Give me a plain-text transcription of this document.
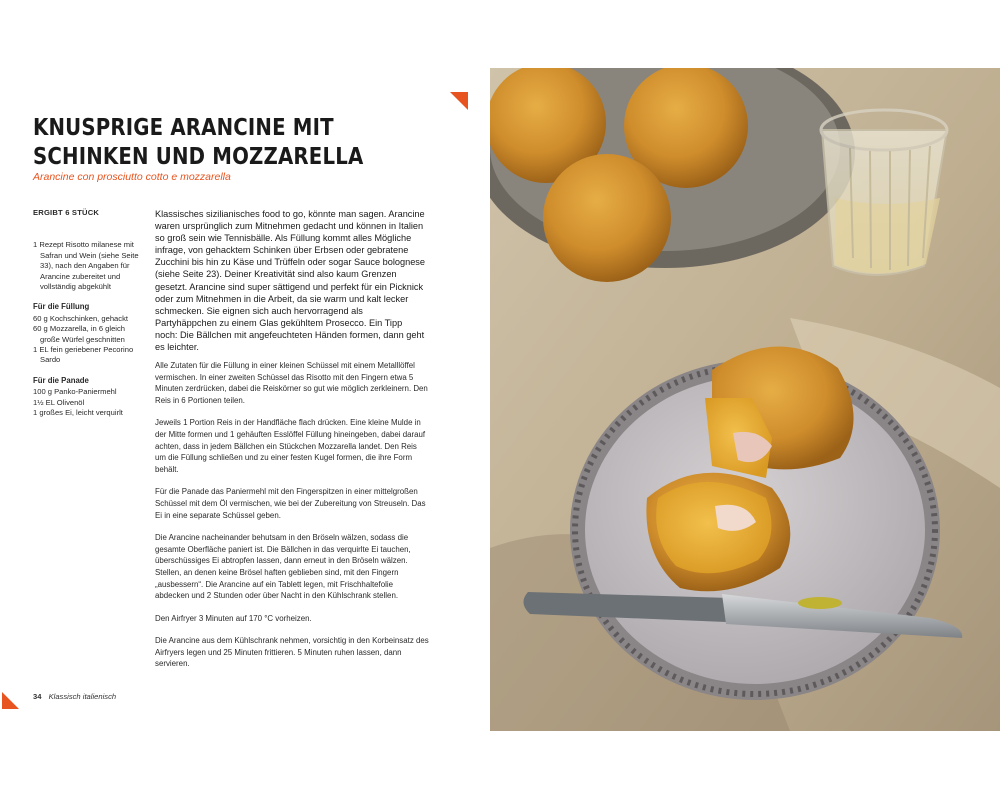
KNUSPRIGE ARANCINE MIT SCHINKEN UND MOZZARELLA
Arancine con prosciutto cotto e mozzarella
ERGIBT 6 STÜCK
1 Rezept Risotto milanese mit Safran und Wein (siehe Seite 33), nach den Angaben für Arancine zubereitet und vollständig abgekühlt
Für die Füllung
60 g Kochschinken, gehackt
60 g Mozzarella, in 6 gleich große Würfel geschnitten
1 EL fein geriebener Pecorino Sardo
Für die Panade
100 g Panko-Paniermehl
1½ EL Olivenöl
1 großes Ei, leicht verquirlt

Klassisches sizilianisches food to go, könnte man sagen. Arancine waren ursprünglich zum Mitnehmen gedacht und können in Italien so groß sein wie Tennisbälle. Als Füllung kommt alles Mögliche infrage, von gehacktem Schinken über Erbsen oder gebratene Zucchini bis hin zu Käse und Trüffeln oder sogar Sauce bolognese (siehe Seite 23). Deiner Kreativität sind also kaum Grenzen gesetzt. Arancine sind super sättigend und perfekt für ein Picknick oder zum Mitnehmen in die Arbeit, da sie warm und kalt lecker schmecken. Sie eignen sich auch hervorragend als Partyhäppchen zu einem Glas gekühltem Prosecco. Ein Tipp noch: Die Bällchen mit angefeuchteten Händen formen, dann geht es leichter.

Alle Zutaten für die Füllung in einer kleinen Schüssel mit einem Metalllöffel vermischen. In einer zweiten Schüssel das Risotto mit den Fingern etwa 5 Minuten zerdrücken, dabei die Reiskörner so gut wie möglich zerkleinern. Den Reis in 6 Portionen teilen.

Jeweils 1 Portion Reis in der Handfläche flach drücken. Eine kleine Mulde in der Mitte formen und 1 gehäuften Esslöffel Füllung hineingeben, dabei darauf achten, dass in jedem Bällchen ein Stückchen Mozzarella landet. Den Reis um die Füllung schließen und zu einer festen Kugel formen, die ihre Form behält.

Für die Panade das Paniermehl mit den Fingerspitzen in einer mittelgroßen Schüssel mit dem Öl vermischen, wie bei der Zubereitung von Streuseln. Das Ei in eine separate Schüssel geben.

Die Arancine nacheinander behutsam in den Bröseln wälzen, sodass die gesamte Oberfläche paniert ist. Die Bällchen in das verquirlte Ei tauchen, überschüssiges Ei abtropfen lassen, dann erneut in den Bröseln wälzen. Stellen, an denen keine Brösel haften geblieben sind, mit den Fingern „ausbessern“. Die Arancine auf ein Tablett legen, mit Frischhaltefolie abdecken und 2 Stunden oder über Nacht in den Kühlschrank stellen.

Den Airfryer 3 Minuten auf 170 °C vorheizen.

Die Arancine aus dem Kühlschrank nehmen, vorsichtig in den Korbeinsatz des Airfryers legen und 25 Minuten frittieren. 5 Minuten ruhen lassen, dann servieren.

34 Klassisch italienisch
